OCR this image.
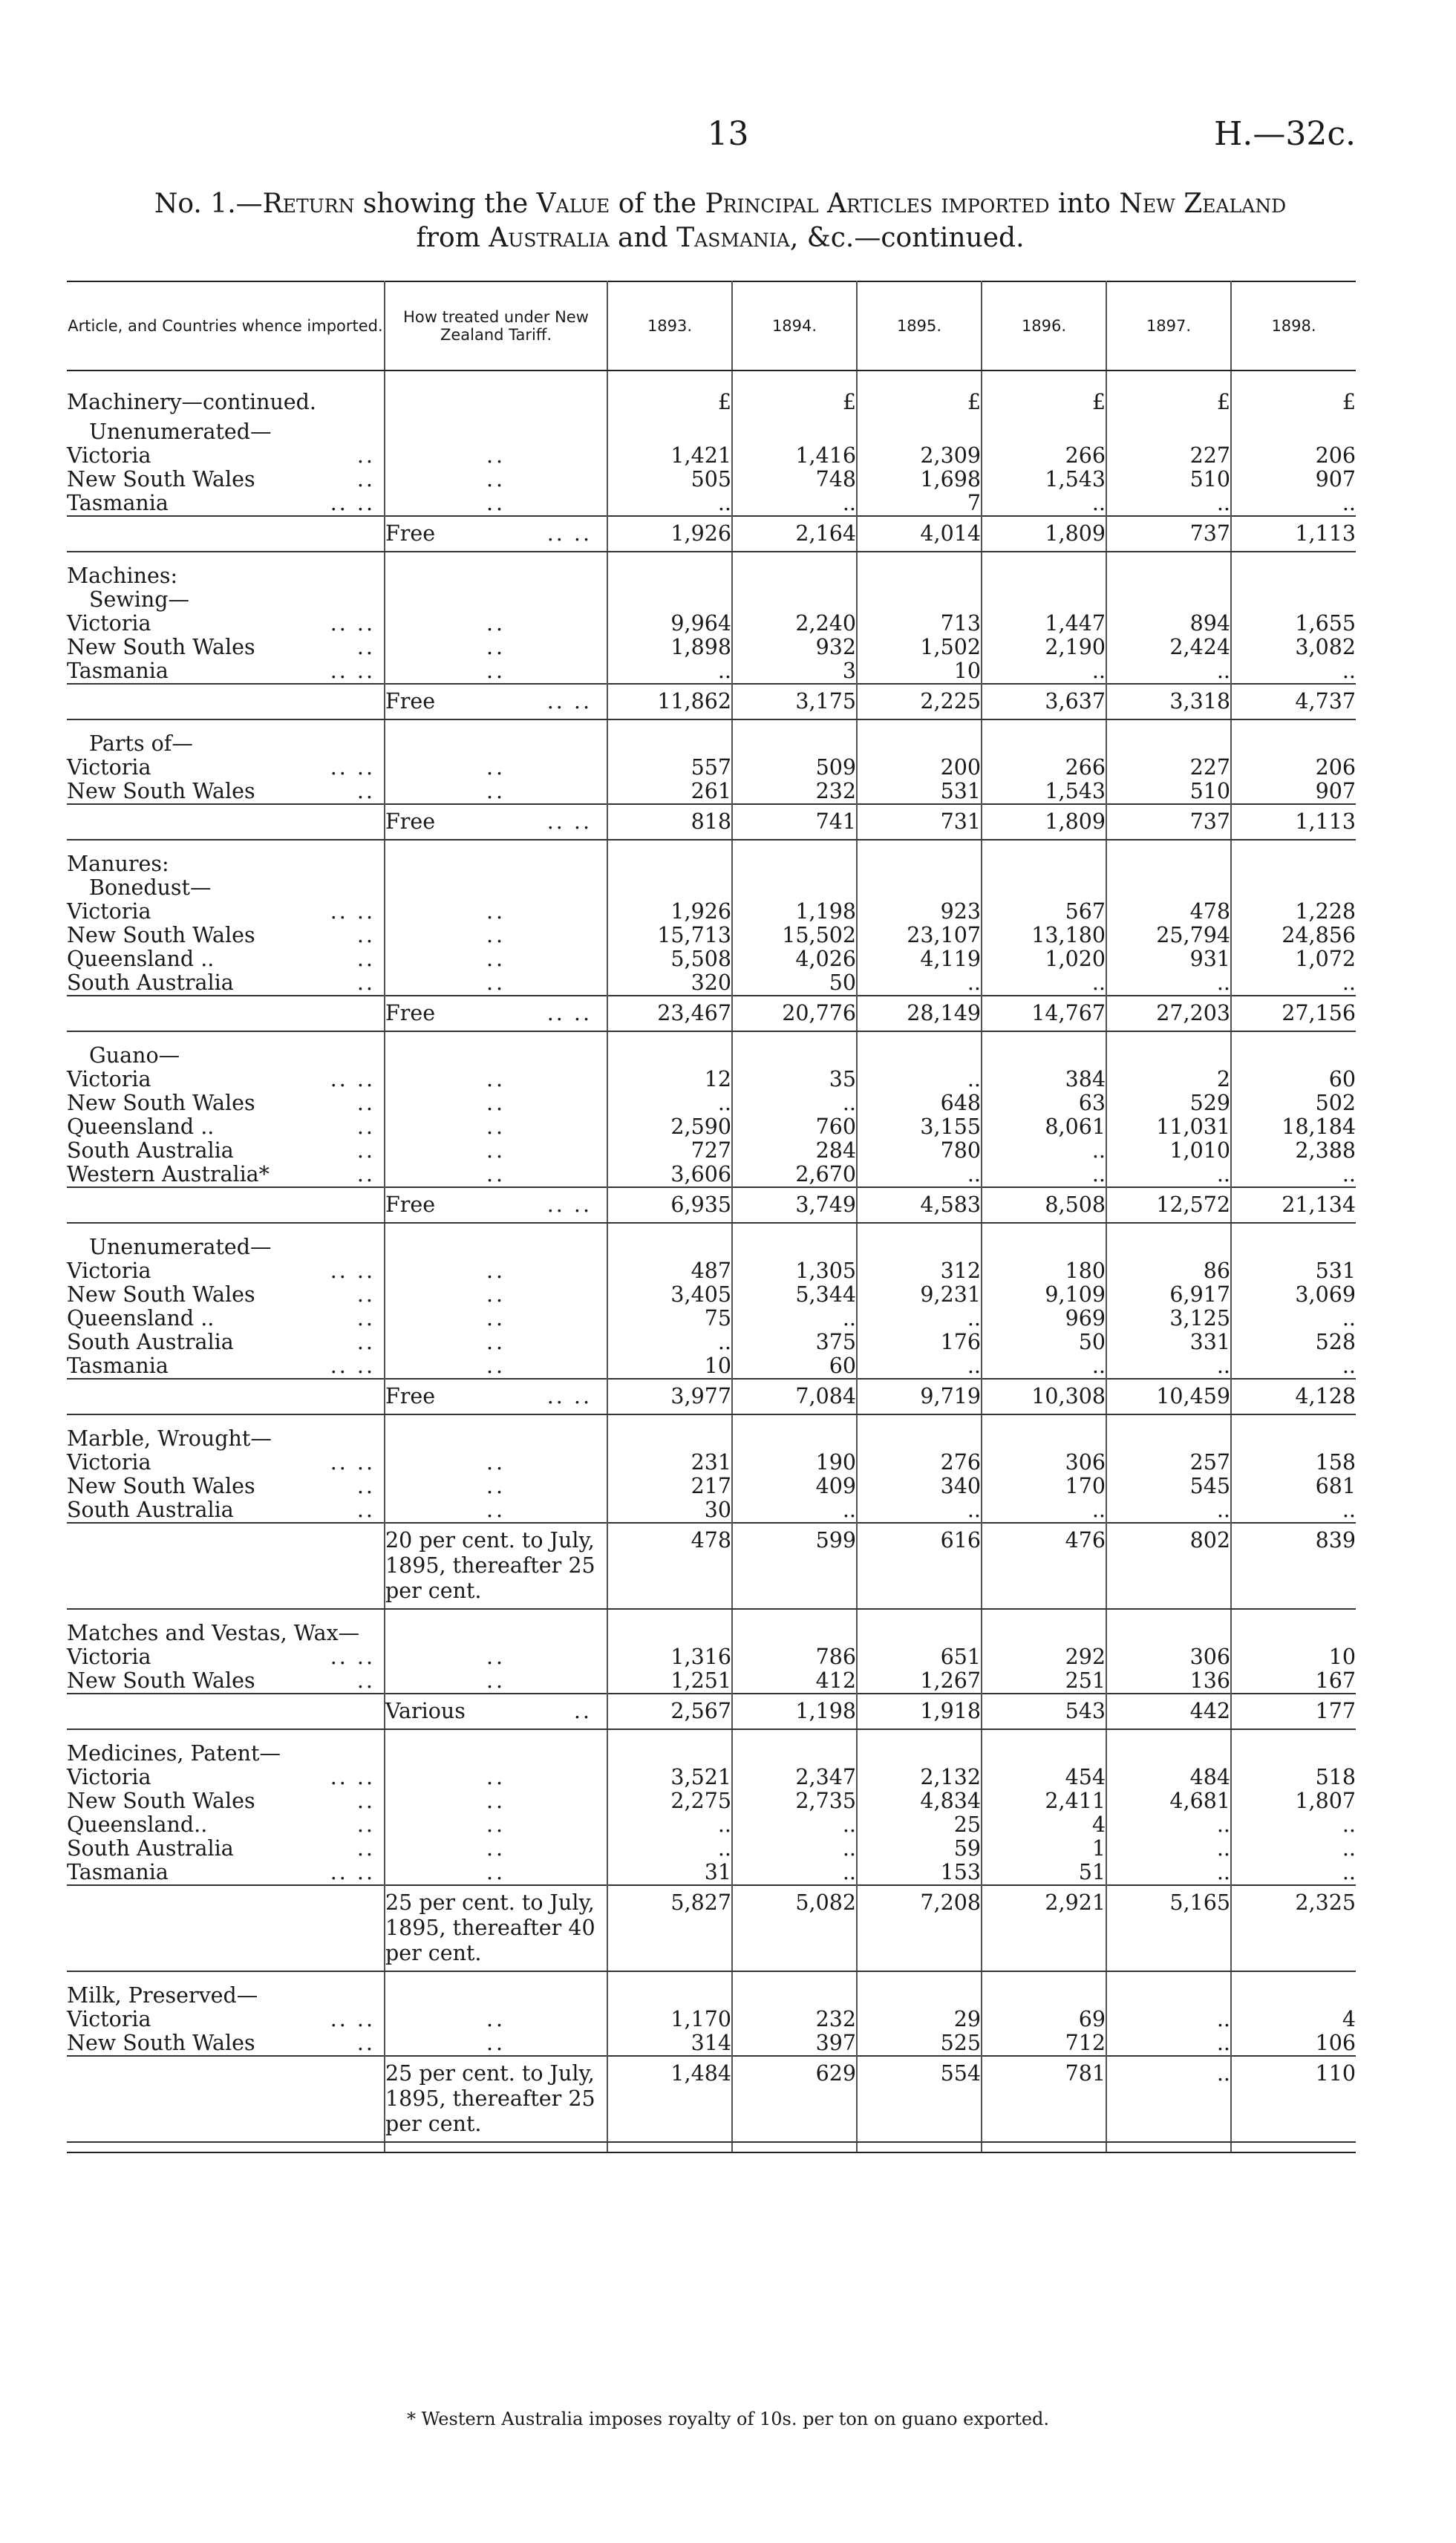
13	H.—32c.
No. 1.—Return showing the Value of the Principal Articles imported into New Zealand
from Australia and Tasmania, &c.—continued.
Article, and Countries whence imported.	How treated under New Zealand Tariff.	1893.	1894.	1895.	1896.	1897.	1898.

Machinery—continued.		£	£	£	£	£	£
Unenumerated—							
Victoria ..	..	1,421	1,416	2,309	266	227	206
New South Wales ..	..	505	748	1,698	1,543	510	907
Tasmania .. ..	..	..	..	7	..	..	..
	Free .. ..	1,926	2,164	4,014	1,809	737	1,113

Machines:							
Sewing—							
Victoria .. ..	..	9,964	2,240	713	1,447	894	1,655
New South Wales ..	..	1,898	932	1,502	2,190	2,424	3,082
Tasmania .. ..	..	..	3	10	..	..	..
	Free .. ..	11,862	3,175	2,225	3,637	3,318	4,737

Parts of—							
Victoria .. ..	..	557	509	200	266	227	206
New South Wales ..	..	261	232	531	1,543	510	907
	Free .. ..	818	741	731	1,809	737	1,113

Manures:							
Bonedust—							
Victoria .. ..	..	1,926	1,198	923	567	478	1,228
New South Wales ..	..	15,713	15,502	23,107	13,180	25,794	24,856
Queensland .. ..	..	5,508	4,026	4,119	1,020	931	1,072
South Australia ..	..	320	50	..	..	..	..
	Free .. ..	23,467	20,776	28,149	14,767	27,203	27,156

Guano—							
Victoria .. ..	..	12	35	..	384	2	60
New South Wales ..	..	..	..	648	63	529	502
Queensland .. ..	..	2,590	760	3,155	8,061	11,031	18,184
South Australia ..	..	727	284	780	..	1,010	2,388
Western Australia* ..	..	3,606	2,670	..	..	..	..
	Free .. ..	6,935	3,749	4,583	8,508	12,572	21,134

Unenumerated—							
Victoria .. ..	..	487	1,305	312	180	86	531
New South Wales ..	..	3,405	5,344	9,231	9,109	6,917	3,069
Queensland .. ..	..	75	..	..	969	3,125	..
South Australia ..	..	..	375	176	50	331	528
Tasmania .. ..	..	10	60	..	..	..	..
	Free .. ..	3,977	7,084	9,719	10,308	10,459	4,128

Marble, Wrought—							
Victoria .. ..	..	231	190	276	306	257	158
New South Wales ..	..	217	409	340	170	545	681
South Australia ..	..	30	..	..	..	..	..
	20 per cent. to July, 1895, thereafter 25 per cent.	478	599	616	476	802	839

Matches and Vestas, Wax—							
Victoria .. ..	..	1,316	786	651	292	306	10
New South Wales ..	..	1,251	412	1,267	251	136	167
	Various ..	2,567	1,198	1,918	543	442	177

Medicines, Patent—							
Victoria .. ..	..	3,521	2,347	2,132	454	484	518
New South Wales ..	..	2,275	2,735	4,834	2,411	4,681	1,807
Queensland.. ..	..	..	..	25	4	..	..
South Australia ..	..	..	..	59	1	..	..
Tasmania .. ..	..	31	..	153	51	..	..
	25 per cent. to July, 1895, thereafter 40 per cent.	5,827	5,082	7,208	2,921	5,165	2,325

Milk, Preserved—							
Victoria .. ..	..	1,170	232	29	69	..	4
New South Wales ..	..	314	397	525	712	..	106
	25 per cent. to July, 1895, thereafter 25 per cent.	1,484	629	554	781	..	110

* Western Australia imposes royalty of 10s. per ton on guano exported.
